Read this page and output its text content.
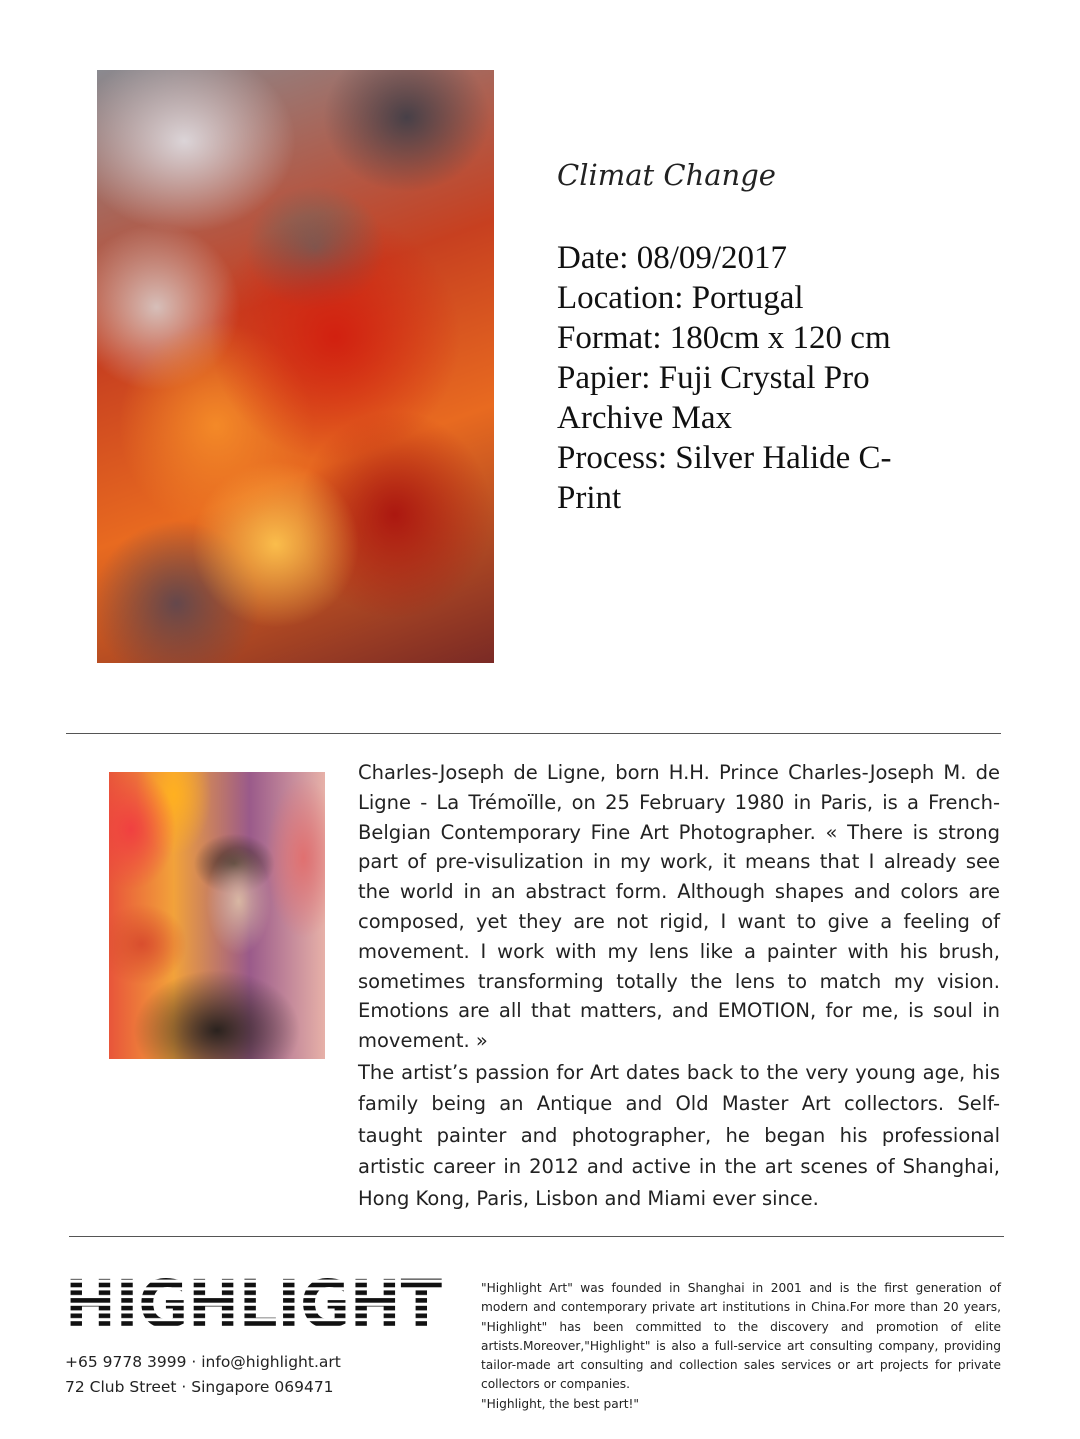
Climat Change
Date: 08/09/2017
Location: Portugal
Format: 180cm x 120 cm
Papier: Fuji Crystal Pro Archive Max
Process: Silver Halide C-Print

Charles-Joseph de Ligne, born H.H. Prince Charles-Joseph M. de Ligne - La Trémoïlle, on 25 February 1980 in Paris, is a French-Belgian Contemporary Fine Art Photographer. « There is strong part of pre-visulization in my work, it means that I already see the world in an abstract form. Although shapes and colors are composed, yet they are not rigid, I want to give a feeling of movement. I work with my lens like a painter with his brush, sometimes transforming totally the lens to match my vision. Emotions are all that matters, and EMOTION, for me, is soul in movement. »

The artist’s passion for Art dates back to the very young age, his family being an Antique and Old Master Art collectors. Self-taught painter and photographer, he began his professional artistic career in 2012 and active in the art scenes of Shanghai, Hong Kong, Paris, Lisbon and Miami ever since.

HIGHLIGHT
+65 9778 3999 · info@highlight.art
72 Club Street · Singapore 069471

"Highlight Art" was founded in Shanghai in 2001 and is the first generation of modern and contemporary private art institutions in China.For more than 20 years, "Highlight" has been committed to the discovery and promotion of elite artists.Moreover,"Highlight" is also a full-service art consulting company, providing tailor-made art consulting and collection sales services or art projects for private collectors or companies.

"Highlight, the best part!"
